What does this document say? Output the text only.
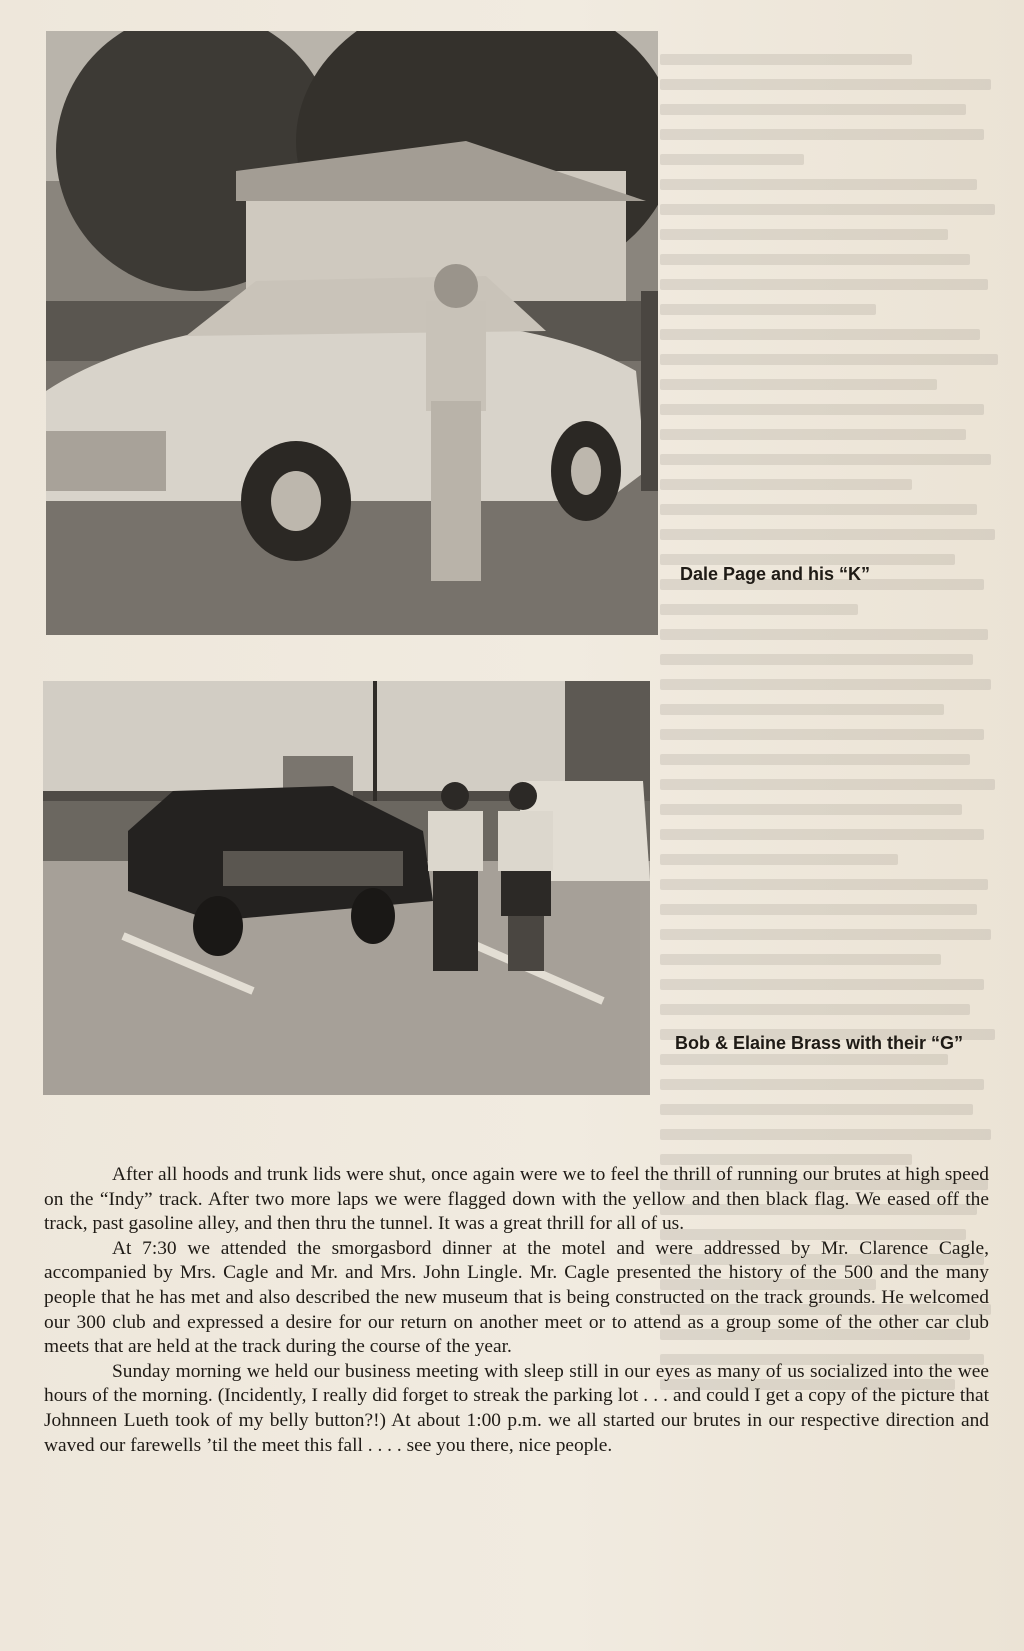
Dale Page and his “K”
Bob & Elaine Brass with their “G”

After all hoods and trunk lids were shut, once again were we to feel the thrill of running our brutes at high speed on the “Indy” track. After two more laps we were flagged down with the yellow and then black flag. We eased off the track, past gasoline alley, and then thru the tunnel. It was a great thrill for all of us.

At 7:30 we attended the smorgasbord dinner at the motel and were addressed by Mr. Clarence Cagle, accompanied by Mrs. Cagle and Mr. and Mrs. John Lingle. Mr. Cagle presented the history of the 500 and the many people that he has met and also described the new museum that is being constructed on the track grounds. He welcomed our 300 club and expressed a desire for our return on another meet or to attend as a group some of the other car club meets that are held at the track during the course of the year.

Sunday morning we held our business meeting with sleep still in our eyes as many of us socialized into the wee hours of the morning. (Incidently, I really did forget to streak the parking lot . . . and could I get a copy of the picture that Johnneen Lueth took of my belly button?!) At about 1:00 p.m. we all started our brutes in our respective direction and waved our farewells ’til the meet this fall . . . . see you there, nice people.
